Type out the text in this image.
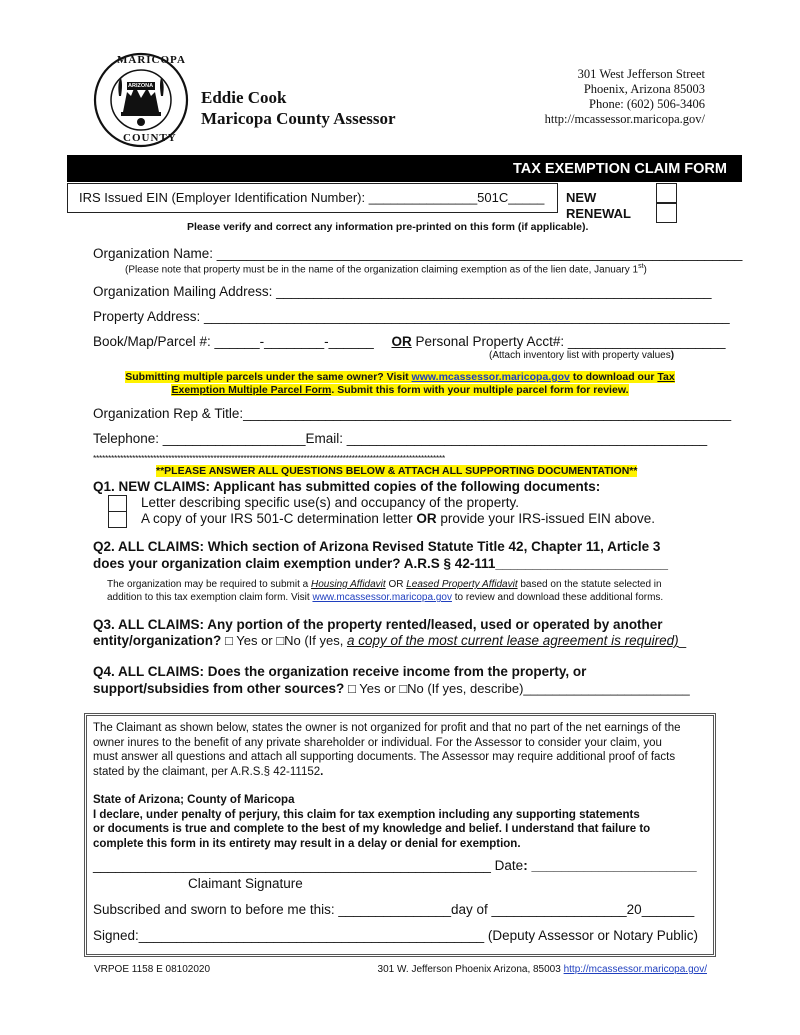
MARICOPA
ARIZONA
COUNTY
Eddie Cook
Maricopa County Assessor
301 West Jefferson Street
Phoenix, Arizona 85003
Phone: (602) 506-3406
http://mcassessor.maricopa.gov/
TAX EXEMPTION CLAIM FORM
IRS Issued EIN (Employer Identification Number): _______________501C_____ NEW
RENEWAL
Please verify and correct any information pre-printed on this form (if applicable).
Organization Name: ______________________________________________________________________
(Please note that property must be in the name of the organization claiming exemption as of the lien date, January 1st)
Organization Mailing Address: __________________________________________________________
Property Address: ______________________________________________________________________
Book/Map/Parcel #: ______-________-______ OR Personal Property Acct#: _____________________
(Attach inventory list with property values)
Submitting multiple parcels under the same owner? Visit www.mcassessor.maricopa.gov to download our Tax
Exemption Multiple Parcel Form. Submit this form with your multiple parcel form for review.
Organization Rep & Title:_________________________________________________________________
Telephone: ___________________Email: ________________________________________________
*********************************************************************************************************************
**PLEASE ANSWER ALL QUESTIONS BELOW & ATTACH ALL SUPPORTING DOCUMENTATION**
Q1. NEW CLAIMS: Applicant has submitted copies of the following documents:
Letter describing specific use(s) and occupancy of the property.
A copy of your IRS 501-C determination letter OR provide your IRS-issued EIN above.
Q2. ALL CLAIMS: Which section of Arizona Revised Statute Title 42, Chapter 11, Article 3
does your organization claim exemption under? A.R.S § 42-111_______________________
The organization may be required to submit a Housing Affidavit OR Leased Property Affidavit based on the statute selected in
addition to this tax exemption claim form. Visit www.mcassessor.maricopa.gov to review and download these additional forms.
Q3. ALL CLAIMS: Any portion of the property rented/leased, used or operated by another
entity/organization? □ Yes or □No (If yes, a copy of the most current lease agreement is required)_
Q4. ALL CLAIMS: Does the organization receive income from the property, or
support/subsidies from other sources? □ Yes or □No (If yes, describe)_______________________
The Claimant as shown below, states the owner is not organized for profit and that no part of the net earnings of the
owner inures to the benefit of any private shareholder or individual. For the Assessor to consider your claim, you
must answer all questions and attach all supporting documents. The Assessor may require additional proof of facts
stated by the claimant, per A.R.S.§ 42-11152.
State of Arizona; County of Maricopa
I declare, under penalty of perjury, this claim for tax exemption including any supporting statements
or documents is true and complete to the best of my knowledge and belief. I understand that failure to
complete this form in its entirety may result in a delay or denial for exemption.
_____________________________________________________ Date: ______________________
Claimant Signature
Subscribed and sworn to before me this: _______________day of __________________20_______
Signed:______________________________________________ (Deputy Assessor or Notary Public)
VRPOE 1158 E 08102020	301 W. Jefferson Phoenix Arizona, 85003 http://mcassessor.maricopa.gov/
